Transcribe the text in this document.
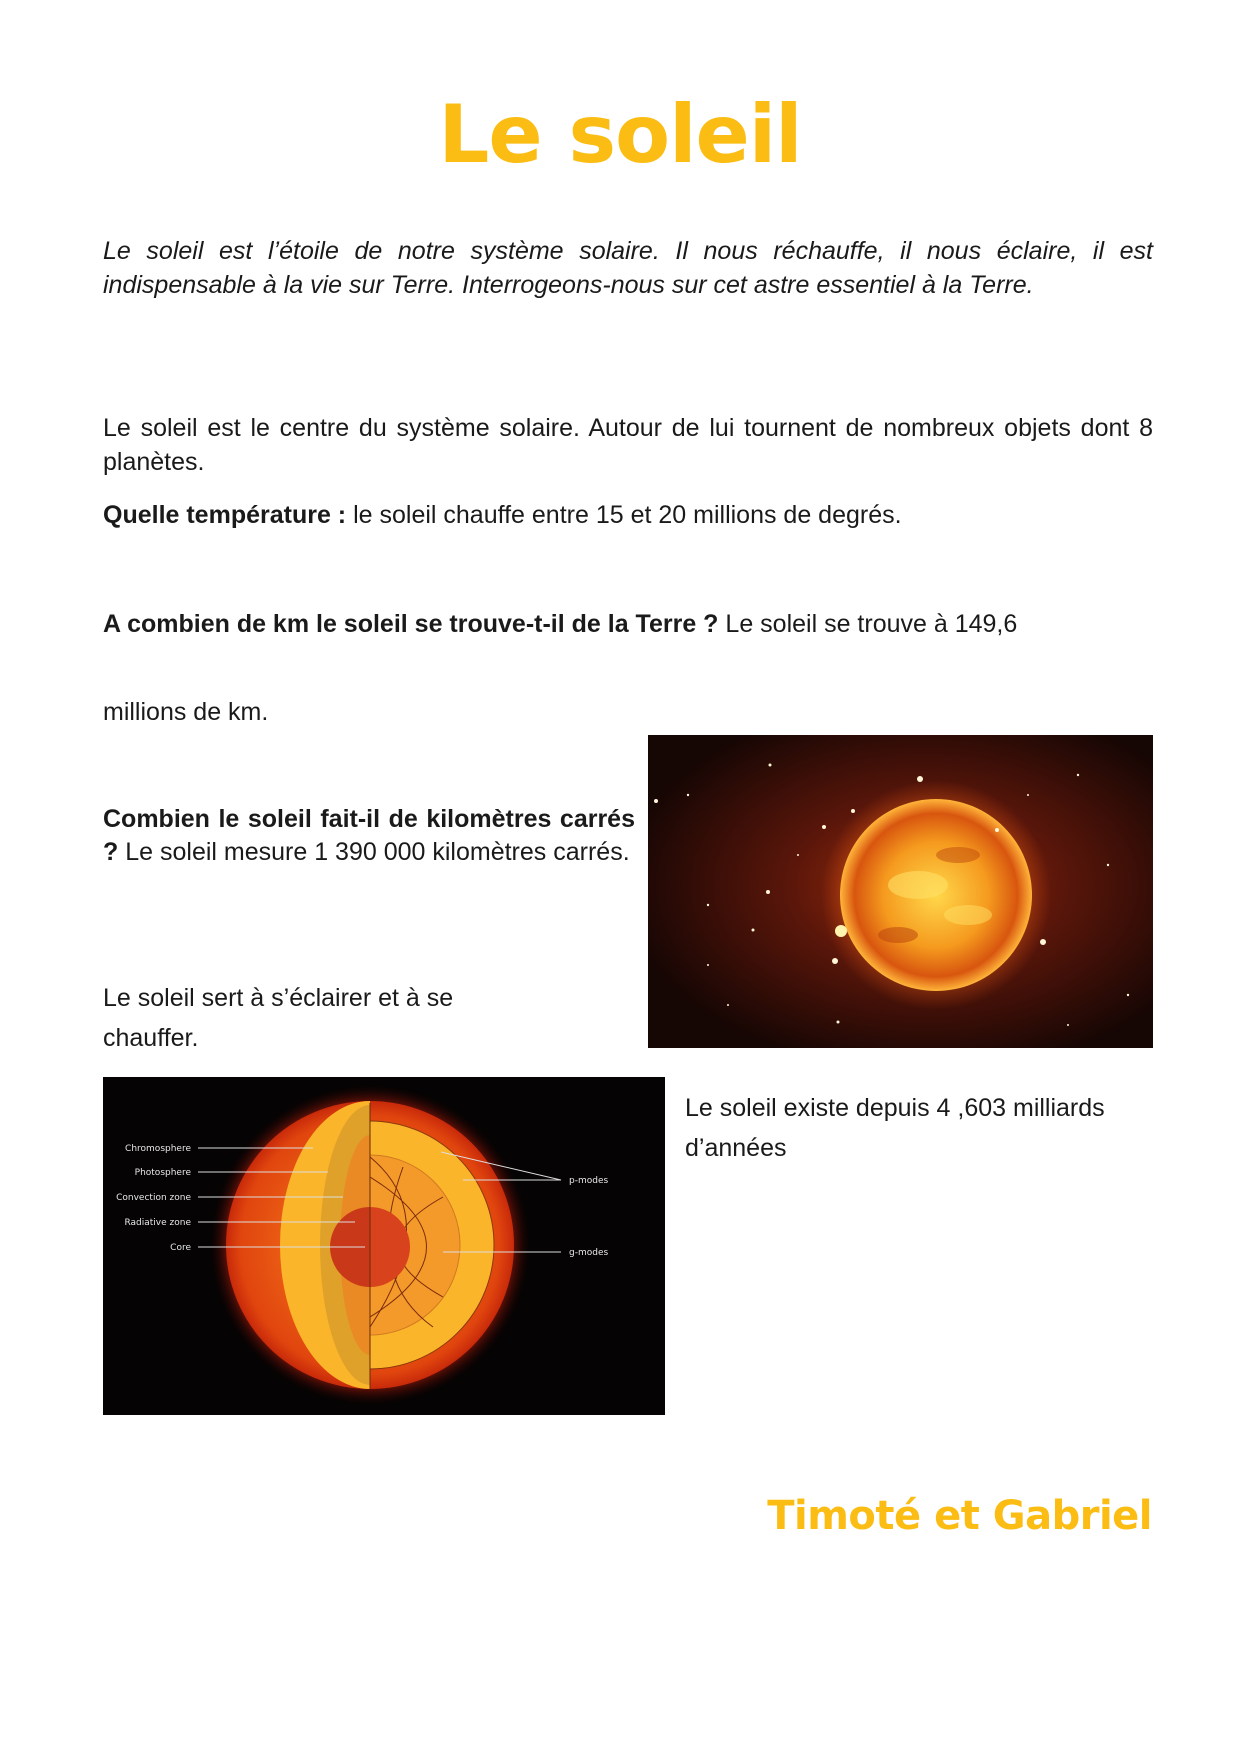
Le soleil
Le soleil est l’étoile de notre système solaire. Il nous réchauffe, il nous éclaire, il est indispensable à la vie sur Terre. Interrogeons-nous sur cet astre essentiel à la Terre.
Le soleil est le centre du système solaire. Autour de lui tournent de nombreux objets dont 8 planètes.
Quelle température : le soleil chauffe entre 15 et 20 millions de degrés.
A combien de km le soleil se trouve-t-il de la Terre ? Le soleil se trouve à 149,6
millions de km.
Combien le soleil fait-il de kilomètres carrés ? Le soleil mesure 1 390 000 kilomètres carrés.
Le soleil sert à s’éclairer et à se chauffer.
Chromosphere
Photosphere
Convection zone
Radiative zone
Core
p-modes
g-modes
Le soleil existe depuis 4 ,603 milliards d’années
Timoté et Gabriel
